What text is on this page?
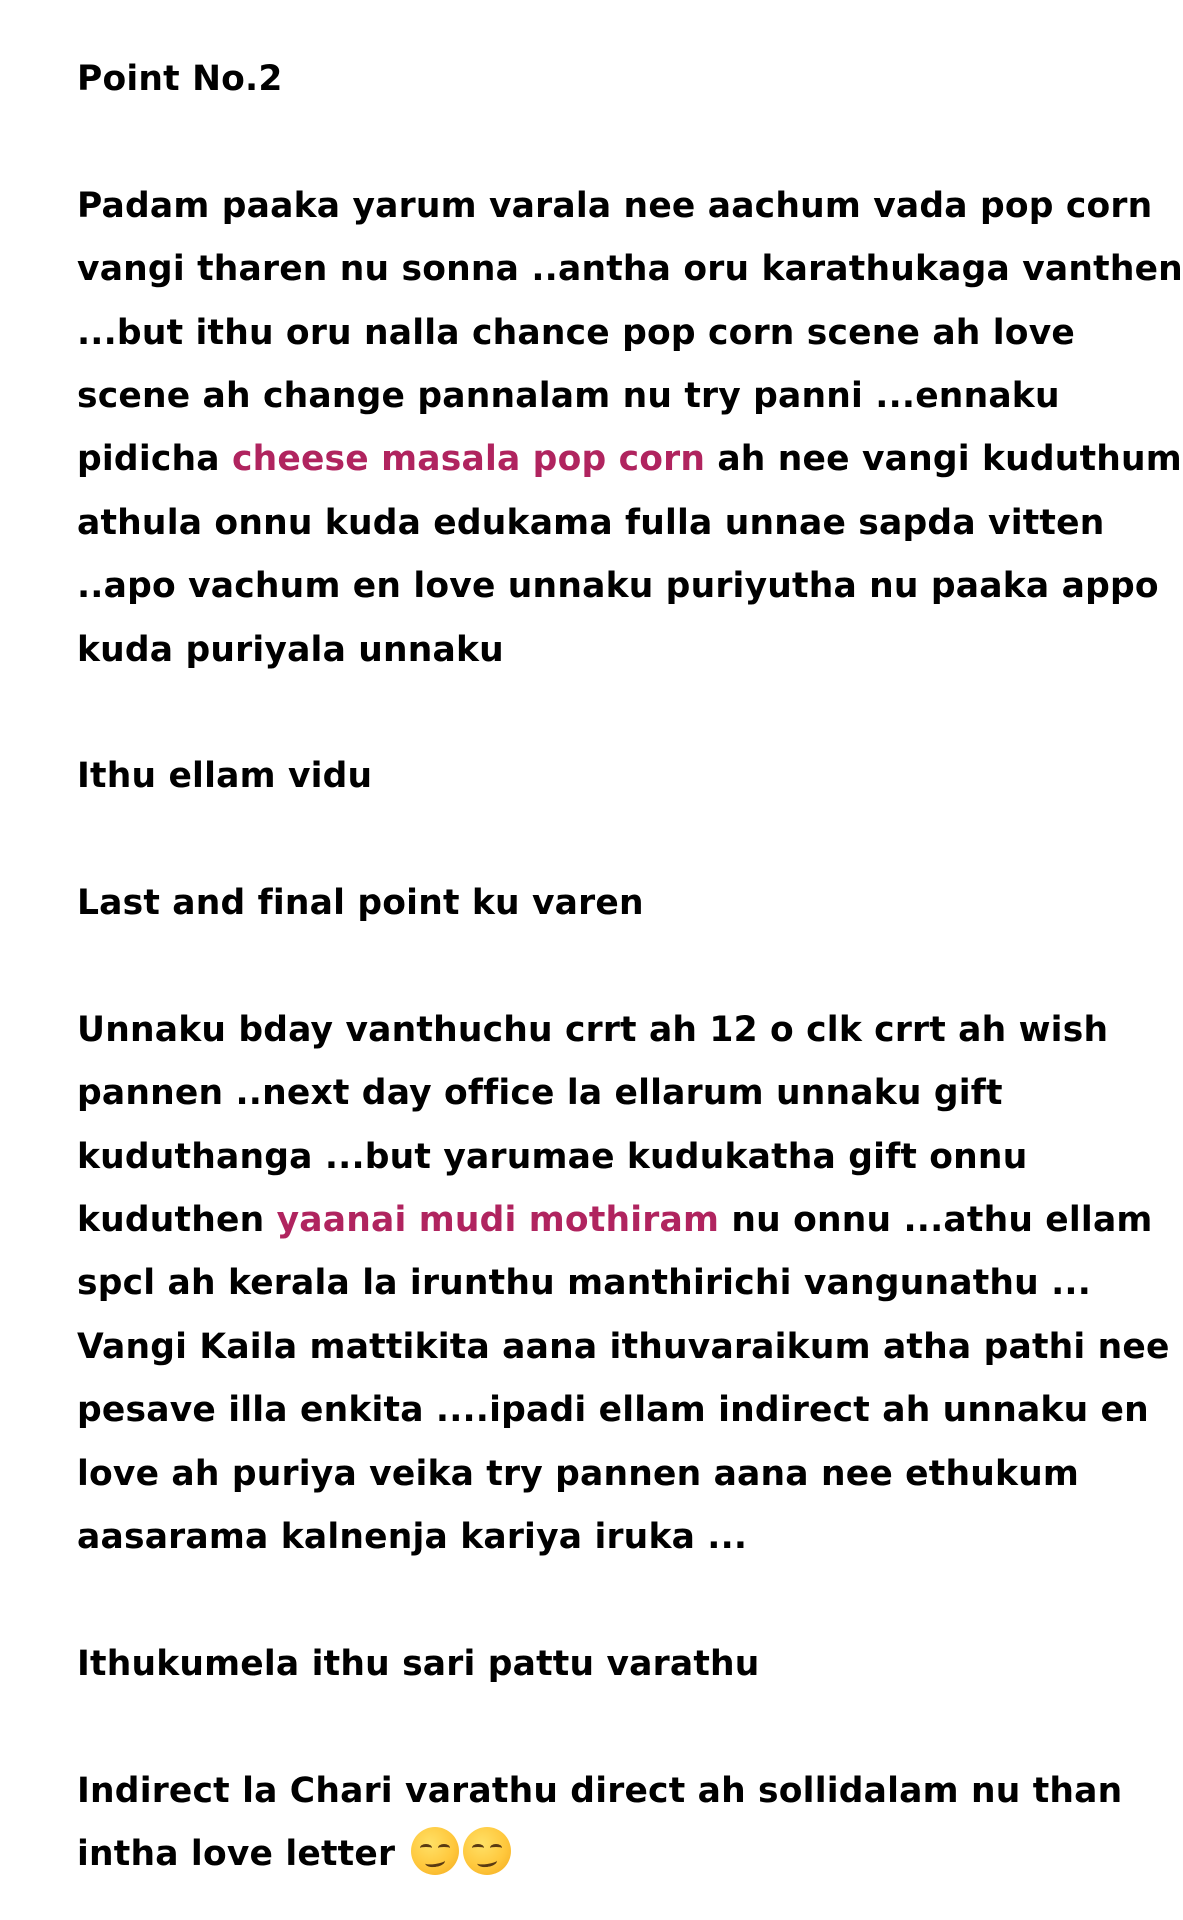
Point No.2
Padam paaka yarum varala nee aachum vada pop corn
vangi tharen nu sonna ..antha oru karathukaga vanthen
...but ithu oru nalla chance pop corn scene ah love
scene ah change pannalam nu try panni ...ennaku
pidicha cheese masala pop corn ah nee vangi kuduthum
athula onnu kuda edukama fulla unnae sapda vitten
..apo vachum en love unnaku puriyutha nu paaka appo
kuda puriyala unnaku
Ithu ellam vidu
Last and final point ku varen
Unnaku bday vanthuchu crrt ah 12 o clk crrt ah wish
pannen ..next day office la ellarum unnaku gift
kuduthanga ...but yarumae kudukatha gift onnu
kuduthen yaanai mudi mothiram nu onnu ...athu ellam
spcl ah kerala la irunthu manthirichi vangunathu ...
Vangi Kaila mattikita aana ithuvaraikum atha pathi nee
pesave illa enkita ....ipadi ellam indirect ah unnaku en
love ah puriya veika try pannen aana nee ethukum
aasarama kalnenja kariya iruka ...
Ithukumela ithu sari pattu varathu
Indirect la Chari varathu direct ah sollidalam nu than
intha love letter
